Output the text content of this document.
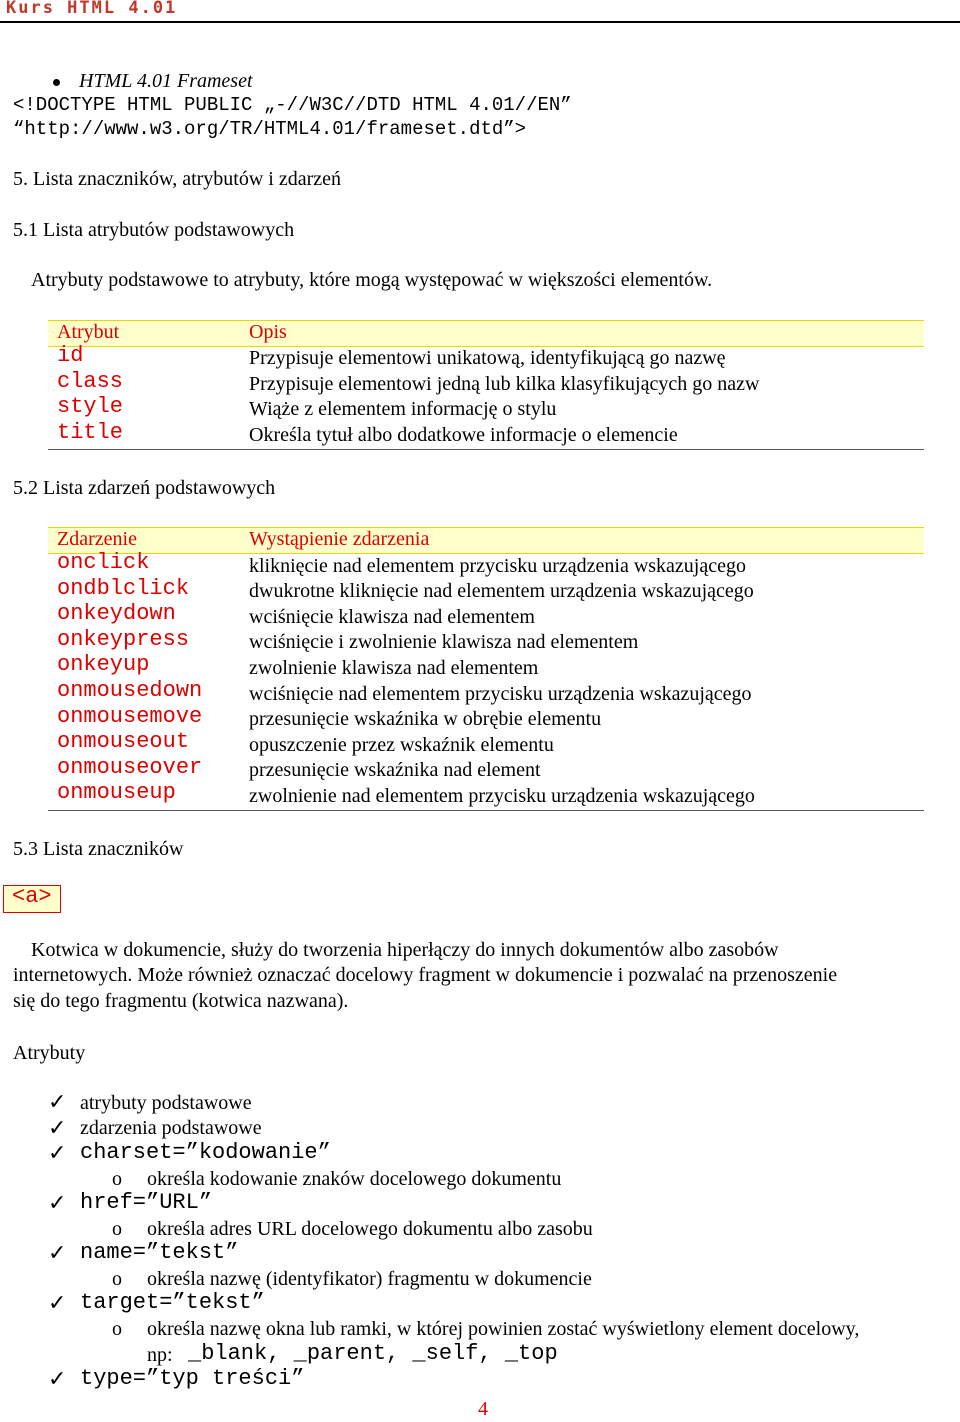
Kurs HTML 4.01
HTML 4.01 Frameset
<!DOCTYPE HTML PUBLIC „-//W3C//DTD HTML 4.01//EN”
“http://www.w3.org/TR/HTML4.01/frameset.dtd”>
5. Lista znaczników, atrybutów i zdarzeń
5.1 Lista atrybutów podstawowych
Atrybuty podstawowe to atrybuty, które mogą występować w większości elementów.
Atrybut	Opis
id	Przypisuje elementowi unikatową, identyfikującą go nazwę
class	Przypisuje elementowi jedną lub kilka klasyfikujących go nazw
style	Wiąże z elementem informację o stylu
title	Określa tytuł albo dodatkowe informacje o elemencie
5.2 Lista zdarzeń podstawowych
Zdarzenie	Wystąpienie zdarzenia
onclick	kliknięcie nad elementem przycisku urządzenia wskazującego
ondblclick	dwukrotne kliknięcie nad elementem urządzenia wskazującego
onkeydown	wciśnięcie klawisza nad elementem
onkeypress	wciśnięcie i zwolnienie klawisza nad elementem
onkeyup	zwolnienie klawisza nad elementem
onmousedown wciśnięcie nad elementem przycisku urządzenia wskazującego
onmousemove przesunięcie wskaźnika w obrębie elementu
onmouseout	opuszczenie przez wskaźnik elementu
onmouseover przesunięcie wskaźnika nad element
onmouseup	zwolnienie nad elementem przycisku urządzenia wskazującego
5.3 Lista znaczników
<a>
Kotwica w dokumencie, służy do tworzenia hiperłączy do innych dokumentów albo zasobów
internetowych. Może również oznaczać docelowy fragment w dokumencie i pozwalać na przenoszenie
się do tego fragmentu (kotwica nazwana).
Atrybuty
✓ atrybuty podstawowe
✓ zdarzenia podstawowe
✓ charset=”kodowanie”
o określa kodowanie znaków docelowego dokumentu
✓ href=”URL”
o określa adres URL docelowego dokumentu albo zasobu
✓ name=”tekst”
o określa nazwę (identyfikator) fragmentu w dokumencie
✓ target=”tekst”
o określa nazwę okna lub ramki, w której powinien zostać wyświetlony element docelowy,
np: _blank, _parent, _self, _top
✓ type=”typ treści”
4
